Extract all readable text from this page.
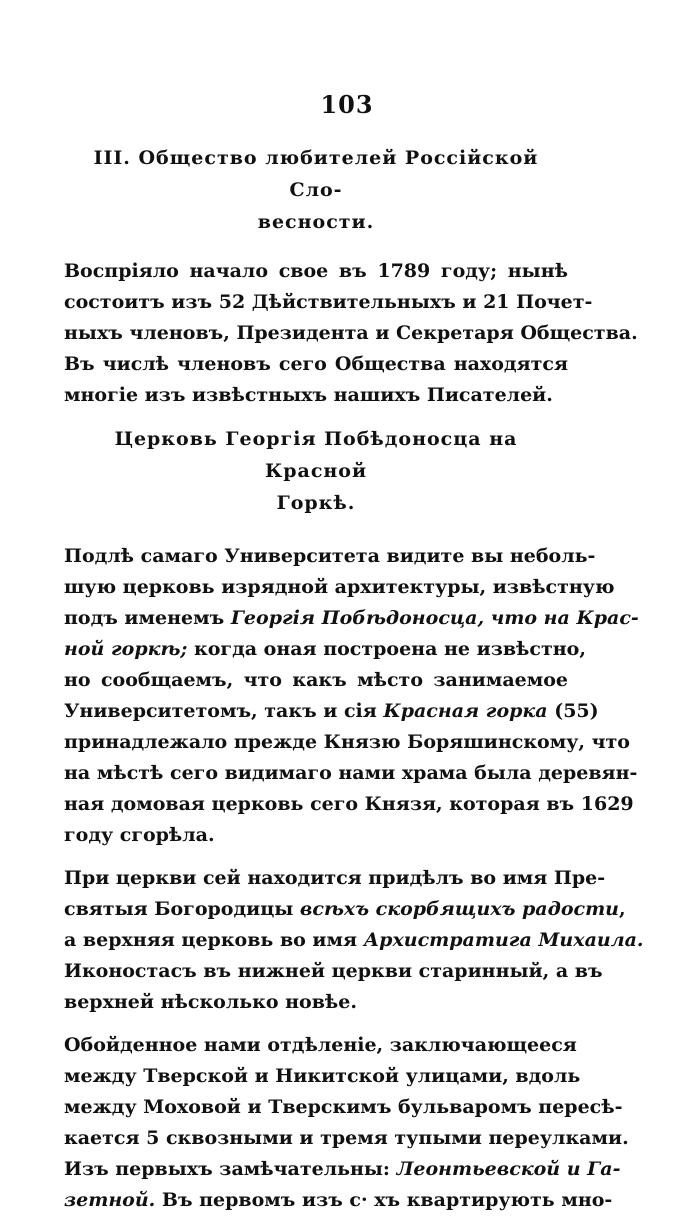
103
III. Общество любителей Россійской Сло-
весности.

Воспріяло начало свое въ 1789 году; нынѣ
состоитъ изъ 52 Дѣйствительныхъ и 21 Почет-
ныхъ членовъ, Президента и Секретаря Общества.

Въ числѣ членовъ сего Общества находятся
многіе изъ извѣстныхъ нашихъ Писателей.

Церковь Георгія Побѣдоносца на Красной
Горкѣ.

Подлѣ самаго Университета видите вы неболь-
шую церковь изрядной архитектуры, извѣстную
подъ именемъ Георгія Побѣдоносца, что на Крас-
ной горкѣ; когда оная построена не извѣстно,
но сообщаемъ, что какъ мѣсто занимаемое
Университетомъ, такъ и сія Красная горка (55)
принадлежало прежде Князю Боряшинскому, что
на мѣстѣ сего видимаго нами храма была деревян-
ная домовая церковь сего Князя, которая въ 1629
году сгорѣла.

При церкви сей находится придѣлъ во имя Пре-
святыя Богородицы всѣхъ скорбящихъ радости,
а верхняя церковь во имя Архистратига Михаила.
Иконостасъ въ нижней церкви старинный, а въ
верхней нѣсколько новѣе.

Обойденное нами отдѣленіе, заключающееся
между Тверской и Никитской улицами, вдоль
между Моховой и Тверскимъ бульваромъ пересѣ-
кается 5 сквозными и тремя тупыми переулками.
Изъ первыхъ замѣчательны: Леонтьевской и Га-
зетной. Въ первомъ изъ с· хъ квартирують мно-
